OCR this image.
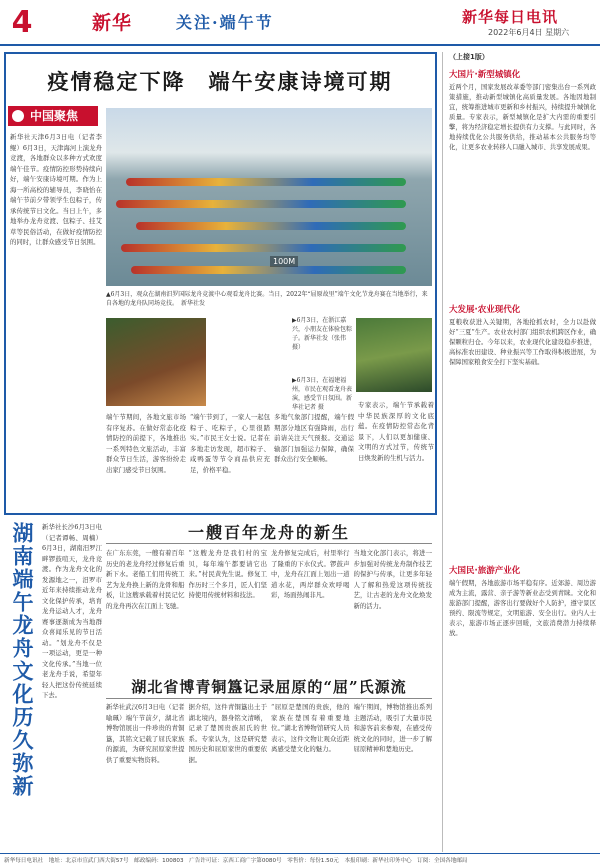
4	新华	关注·端午节	新华每日电讯
2022年6月4日 星期六
疫情稳定下降　端午安康诗境可期
中国聚焦
新华社天津6月3日电（记者李鲲）6月3日，天津海河上演龙舟竞渡，各地群众以多种方式欢度端午佳节。疫情防控形势持续向好，端午安康诗境可期。作为上海一所高校的辅导员，李晓怡在端午节前夕带领学生包粽子，传承传统节日文化。当日上午，多地举办龙舟竞渡、包粽子、挂艾草等民俗活动，在做好疫情防控的同时，让群众感受节日氛围。
100M
▲6月3日，观众在湖南汨罗国际龙舟竞渡中心观看龙舟比赛。当日，2022年“屈原故里”端午文化节龙舟赛在当地举行，来自各地的龙舟队同场竞技。　新华社发
▶6月3日，在浙江嘉兴，小朋友在体验包粽子。新华社发（张伟摄）
▶6月3日，在福建福州，市民在观看龙舟表演，感受节日氛围。新华社记者 摄
端午节期间，各地文旅市场有序复苏。在做好常态化疫情防控的前提下，各地推出一系列特色文旅活动，丰富群众节日生活，游客纷纷走出家门感受节日氛围。
“端午节到了，一家人一起包粽子、吃粽子，心里很踏实。”市民王女士说。记者在多地走访发现，超市粽子、咸鸭蛋等节令商品供应充足，价格平稳。
多地气象部门提醒，端午假期部分地区有强降雨，出行前请关注天气预报。交通运输部门加强运力保障，确保群众出行安全顺畅。
专家表示，端午节承载着中华民族深厚的文化底蕴。在疫情防控常态化背景下，人们以更加健康、文明的方式过节，传统节日焕发新的生机与活力。
湖南端午龙舟文化历久弥新	新华社长沙6月3日电（记者谭畅、周楠）6月3日，湖南汨罗江畔锣鼓喧天，龙舟竞渡。作为龙舟文化的发源地之一，汨罗市近年来持续推动龙舟文化保护传承，培育龙舟运动人才，龙舟赛事逐渐成为当地群众喜闻乐见的节日活动。“划龙舟不仅是一项运动，更是一种文化传承。”当地一位老龙舟手说，希望年轻人把这份传统延续下去。
一艘百年龙舟的新生
在广东东莞，一艘有着百年历史的老龙舟经过修复后重新下水。老船工们用传统工艺为龙舟换上新的龙骨和船板，让这艘承载着村民记忆的龙舟再次在江面上飞驰。
“这艘龙舟是我们村的宝贝，每年端午都要请它出来。”村民黄先生说。修复工作历时三个多月，匠人们坚持使用传统材料和技法。
龙舟修复完成后，村里举行了隆重的下水仪式。锣鼓声中，龙舟在江面上划出一道道水花，两岸群众欢呼喝彩，场面热闹非凡。
当地文化部门表示，将进一步加强对传统龙舟制作技艺的保护与传承，让更多年轻人了解和热爱这项传统技艺，让古老的龙舟文化焕发新的活力。
湖北省博青铜簋记录屈原的“屈”氏源流
新华社武汉6月3日电（记者喻珮）端午节前夕，湖北省博物馆展出一件珍贵的青铜簋，其铭文记载了屈氏家族的源流，为研究屈原家世提供了重要实物资料。
据介绍，这件青铜簋出土于湖北境内，器身铭文清晰，记录了楚国贵族屈氏的世系。专家认为，这是研究楚国历史和屈原家世的重要依据。
“屈原是楚国的贵族，他的家族在楚国有着重要地位。”湖北省博物馆研究人员表示，这件文物让观众近距离感受楚文化的魅力。
端午期间，博物馆推出系列主题活动，吸引了大量市民和游客前来参观，在感受传统文化的同时，进一步了解屈原精神和楚地历史。
（上接1版）
大国片·新型城镇化
近两个月，国家发展改革委等部门密集出台一系列政策措施，推动新型城镇化高质量发展。各地因地制宜，统筹推进城市更新和乡村振兴，持续提升城镇化质量。专家表示，新型城镇化是扩大内需的重要引擎，将为经济稳定增长提供有力支撑。与此同时，各地持续优化公共服务供给，推动基本公共服务均等化，让更多农业转移人口融入城市、共享发展成果。
大发展·农业现代化
夏粮收获进入关键期，各地抢抓农时，全力以赴做好“三夏”生产。农业农村部门组织农机跨区作业，确保颗粒归仓。今年以来，农业现代化建设稳步推进，高标准农田建设、种业振兴等工作取得积极进展，为保障国家粮食安全打下坚实基础。
大国民·旅游产业化
端午假期，各地旅游市场平稳有序。近郊游、周边游成为主流，露营、亲子游等新业态受到青睐。文化和旅游部门提醒，游客出行要做好个人防护，遵守景区预约、限流等规定，文明旅游、安全出行。业内人士表示，旅游市场正逐步回暖，文旅消费潜力持续释放。
新华每日电讯社　地址：北京市宣武门西大街57号　邮政编码：100803　广告许可证：京西工商广字第0080号　零售价：每份1.50元　本报印刷：新华社印务中心　订阅：全国各地邮局
